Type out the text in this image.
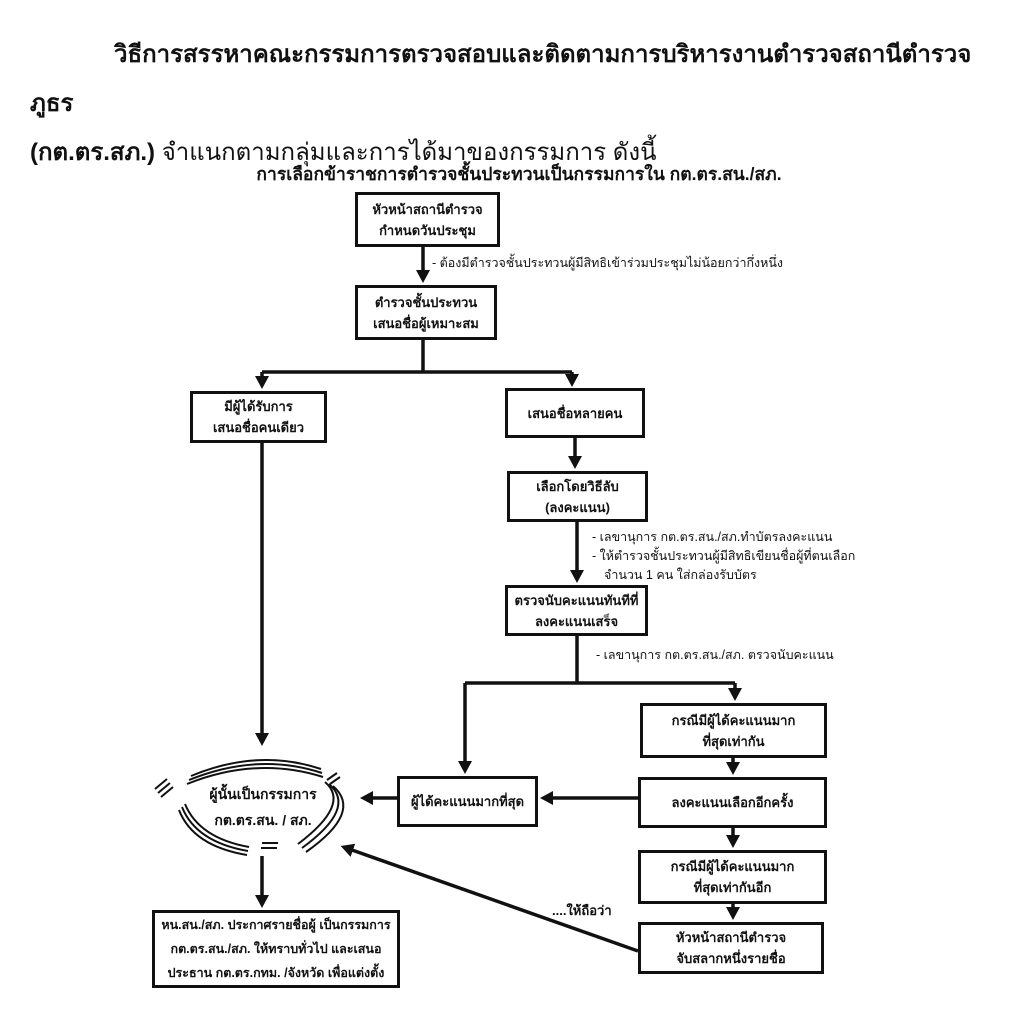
วิธีการสรรหาคณะกรรมการตรวจสอบและติดตามการบริหารงานตำรวจสถานีตำรวจภูธร
(กต.ตร.สภ.) จำแนกตามกลุ่มและการได้มาของกรรมการ ดังนี้
การเลือกข้าราชการตำรวจชั้นประทวนเป็นกรรมการใน กต.ตร.สน./สภ.
หัวหน้าสถานีตำรวจ
กำหนดวันประชุม
ตำรวจชั้นประทวน
เสนอชื่อผู้เหมาะสม
มีผู้ได้รับการ
เสนอชื่อคนเดียว
เสนอชื่อหลายคน
เลือกโดยวิธีลับ
(ลงคะแนน)
ตรวจนับคะแนนทันทีที่
ลงคะแนนเสร็จ
กรณีมีผู้ได้คะแนนมาก
ที่สุดเท่ากัน
ลงคะแนนเลือกอีกครั้ง
กรณีมีผู้ได้คะแนนมาก
ที่สุดเท่ากันอีก
หัวหน้าสถานีตำรวจ
จับสลากหนึ่งรายชื่อ
ผู้ได้คะแนนมากที่สุด
หน.สน./สภ. ประกาศรายชื่อผู้ เป็นกรรมการ
กต.ตร.สน./สภ. ให้ทราบทั่วไป และเสนอ
ประธาน กต.ตร.กทม. /จังหวัด เพื่อแต่งตั้ง
ผู้นั้นเป็นกรรมการ
กต.ตร.สน. / สภ.
- ต้องมีตำรวจชั้นประทวนผู้มีสิทธิเข้าร่วมประชุมไม่น้อยกว่ากึ่งหนึ่ง
- เลขานุการ กต.ตร.สน./สภ.ทำบัตรลงคะแนน
- ให้ตำรวจชั้นประทวนผู้มีสิทธิเขียนชื่อผู้ที่ตนเลือก
จำนวน 1 คน ใส่กล่องรับบัตร
- เลขานุการ กต.ตร.สน./สภ. ตรวจนับคะแนน
....ให้ถือว่า
